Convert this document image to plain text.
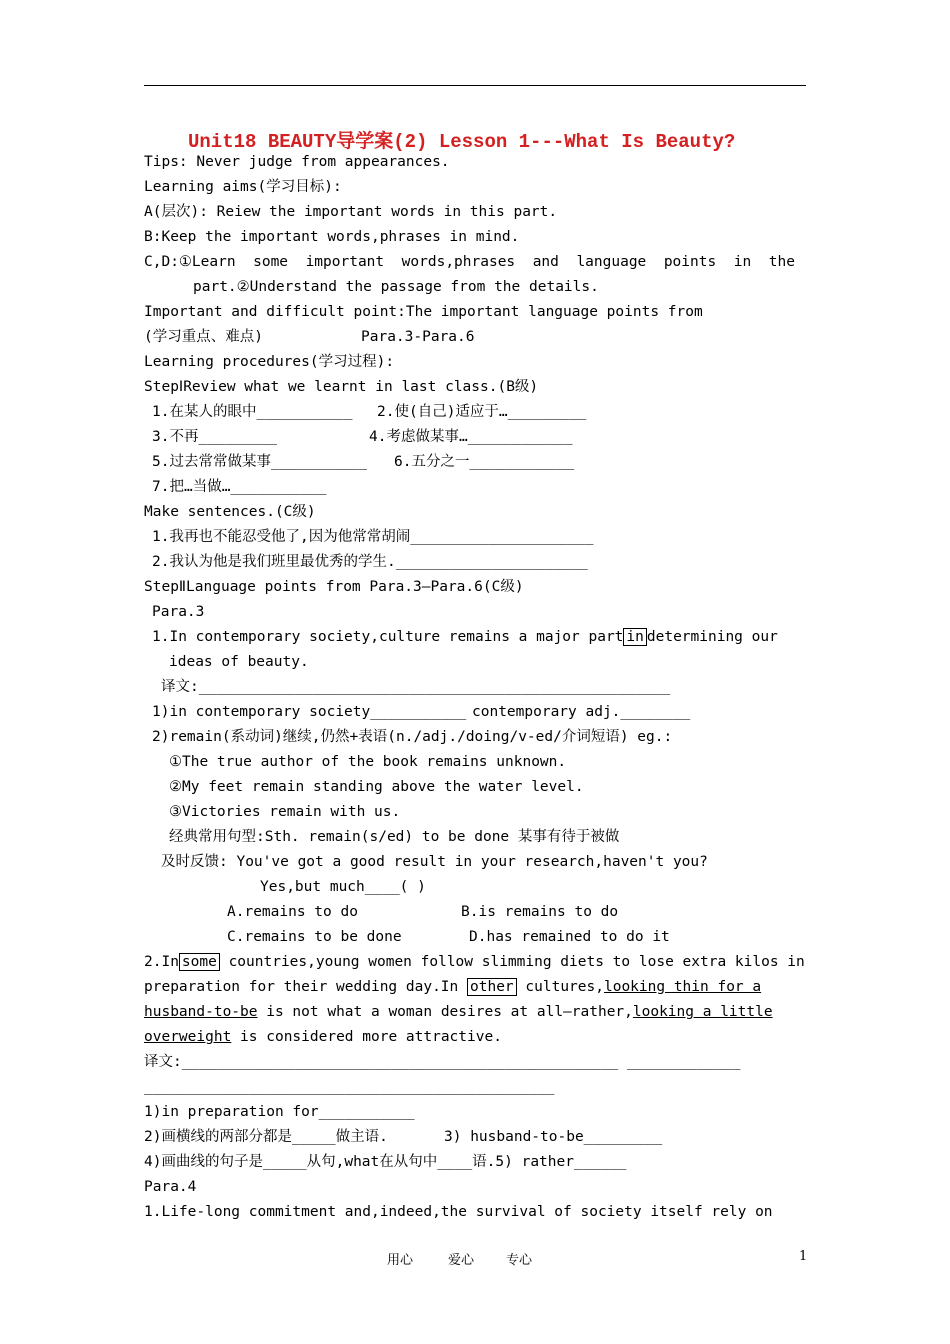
Unit18 BEAUTY导学案(2) Lesson 1---What Is Beauty?
Tips: Never judge from appearances.
Learning aims(学习目标):
A(层次): Reiew the important words in this part.
B:Keep the important words,phrases in mind.
C,D:①Learn some important words,phrases and language points in the
part.②Understand the passage from the details.
Important and difficult point:The important language points from
(学习重点、难点)	Para.3-Para.6
Learning procedures(学习过程):
StepⅠReview what we learnt in last class.(B级)
1.在某人的眼中___________ 2.使(自己)适应于…_________
3.不再_________	4.考虑做某事…____________
5.过去常常做某事___________ 6.五分之一____________
7.把…当做…___________
Make sentences.(C级)
1.我再也不能忍受他了,因为他常常胡闹_____________________
2.我认为他是我们班里最优秀的学生.______________________
StepⅡLanguage points from Para.3—Para.6(C级)
Para.3
1.In contemporary society,culture remains a major part in determining our
ideas of beauty.
译文:______________________________________________________
1)in contemporary society___________ contemporary adj.________
2)remain(系动词)继续,仍然+表语(n./adj./doing/v-ed/介词短语) eg.:
①The true author of the book remains unknown.
②My feet remain standing above the water level.
③Victories remain with us.
经典常用句型:Sth. remain(s/ed) to be done 某事有待于被做
及时反馈: You've got a good result in your research,haven't you?
Yes,but much____( )
A.remains to do	B.is remains to do
C.remains to be done	D.has remained to do it
2.In some countries,young women follow slimming diets to lose extra kilos in
preparation for their wedding day.In other cultures,looking thin for a
husband-to-be is not what a woman desires at all—rather,looking a little
overweight is considered more attractive.
译文:__________________________________________________ _____________
_______________________________________________
1)in preparation for___________
2)画横线的两部分都是_____做主语.	3) husband-to-be_________
4)画曲线的句子是_____从句,what在从句中____语.5) rather______
Para.4
1.Life-long commitment and,indeed,the survival of society itself rely on
用心	爱心 专心	1
